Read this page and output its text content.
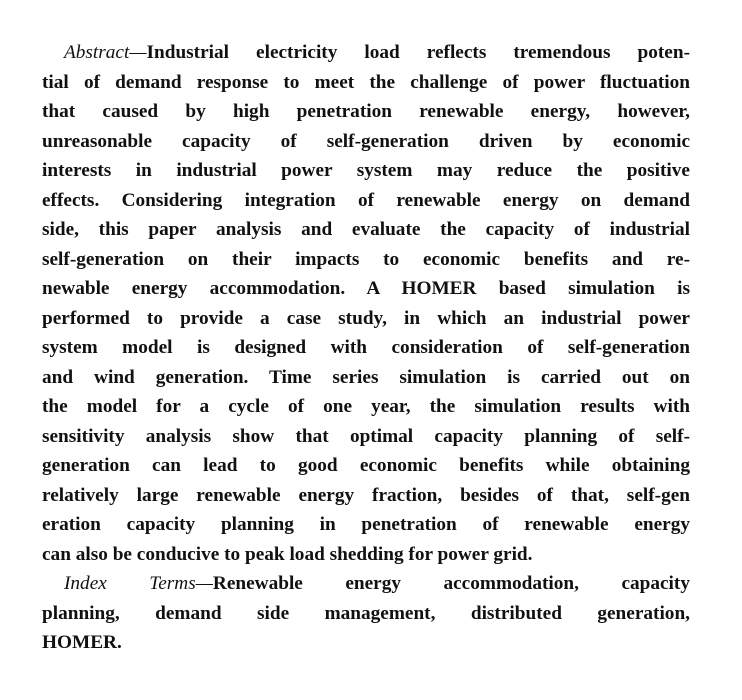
Abstract—Industrial electricity load reflects tremendous poten-
tial of demand response to meet the challenge of power fluctuation
that caused by high penetration renewable energy, however,
unreasonable capacity of self-generation driven by economic
interests in industrial power system may reduce the positive
effects. Considering integration of renewable energy on demand
side, this paper analysis and evaluate the capacity of industrial
self-generation on their impacts to economic benefits and re-
newable energy accommodation. A HOMER based simulation is
performed to provide a case study, in which an industrial power
system model is designed with consideration of self-generation
and wind generation. Time series simulation is carried out on
the model for a cycle of one year, the simulation results with
sensitivity analysis show that optimal capacity planning of self-
generation can lead to good economic benefits while obtaining
relatively large renewable energy fraction, besides of that, self-gen
eration capacity planning in penetration of renewable energy
can also be conducive to peak load shedding for power grid.
Index Terms—Renewable energy accommodation, capacity
planning, demand side management, distributed generation,
HOMER.
